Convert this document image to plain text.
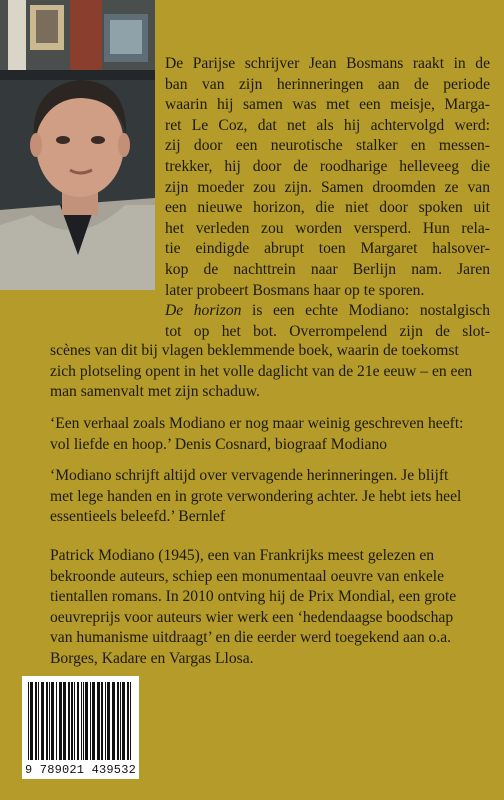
De Parijse schrijver Jean Bosmans raakt in de
ban van zijn herinneringen aan de periode
waarin hij samen was met een meisje, Marga-
ret Le Coz, dat net als hij achtervolgd werd:
zij door een neurotische stalker en messen-
trekker, hij door de roodharige helleveeg die
zijn moeder zou zijn. Samen droomden ze van
een nieuwe horizon, die niet door spoken uit
het verleden zou worden versperd. Hun rela-
tie eindigde abrupt toen Margaret halsover-
kop de nachttrein naar Berlijn nam. Jaren
later probeert Bosmans haar op te sporen.
De horizon is een echte Modiano: nostalgisch
tot op het bot. Overrompelend zijn de slot-
scènes van dit bij vlagen beklemmende boek, waarin de toekomst
zich plotseling opent in het volle daglicht van de 21e eeuw – en een
man samenvalt met zijn schaduw.
‘Een verhaal zoals Modiano er nog maar weinig geschreven heeft:
vol liefde en hoop.’ Denis Cosnard, biograaf Modiano
‘Modiano schrijft altijd over vervagende herinneringen. Je blijft
met lege handen en in grote verwondering achter. Je hebt iets heel
essentieels beleefd.’ Bernlef
Patrick Modiano (1945), een van Frankrijks meest gelezen en
bekroonde auteurs, schiep een monumentaal oeuvre van enkele
tientallen romans. In 2010 ontving hij de Prix Mondial, een grote
oeuvreprijs voor auteurs wier werk een ‘hedendaagse boodschap
van humanisme uitdraagt’ en die eerder werd toegekend aan o.a.
Borges, Kadare en Vargas Llosa.
9 789021 439532
